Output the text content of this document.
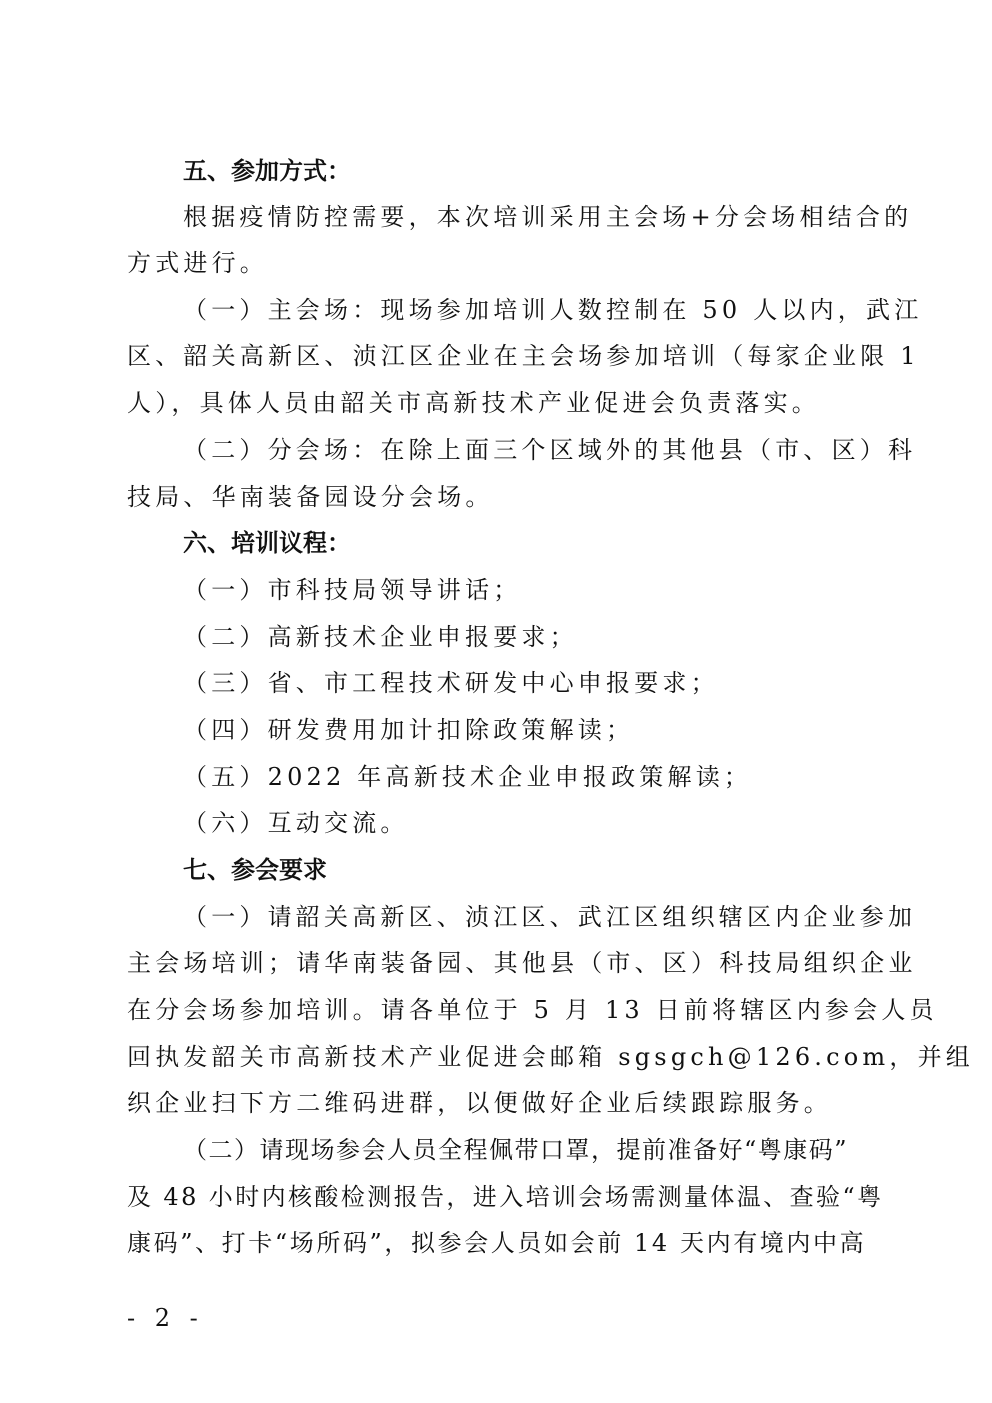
五、参加方式：
根据疫情防控需要，本次培训采用主会场+分会场相结合的
方式进行。
（一）主会场：现场参加培训人数控制在 50 人以内，武江
区、韶关高新区、浈江区企业在主会场参加培训（每家企业限 1
人），具体人员由韶关市高新技术产业促进会负责落实。
（二）分会场：在除上面三个区域外的其他县（市、区）科
技局、华南装备园设分会场。
六、培训议程：
（一）市科技局领导讲话；
（二）高新技术企业申报要求；
（三）省、市工程技术研发中心申报要求；
（四）研发费用加计扣除政策解读；
（五）2022 年高新技术企业申报政策解读；
（六）互动交流。
七、参会要求
（一）请韶关高新区、浈江区、武江区组织辖区内企业参加
主会场培训；请华南装备园、其他县（市、区）科技局组织企业
在分会场参加培训。请各单位于 5 月 13 日前将辖区内参会人员
回执发韶关市高新技术产业促进会邮箱 sgsgch@126.com，并组
织企业扫下方二维码进群，以便做好企业后续跟踪服务。
（二）请现场参会人员全程佩带口罩，提前准备好“粤康码”
及 48 小时内核酸检测报告，进入培训会场需测量体温、查验“粤
康码”、打卡“场所码”，拟参会人员如会前 14 天内有境内中高
- 2 -
